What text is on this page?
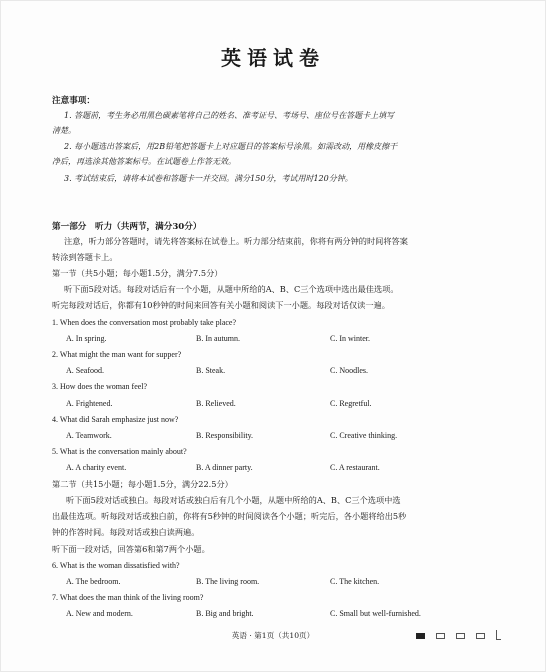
英语试卷
注意事项：
1. 答题前，考生务必用黑色碳素笔将自己的姓名、准考证号、考场号、座位号在答题卡上填写
清楚。
2. 每小题选出答案后，用2B铅笔把答题卡上对应题目的答案标号涂黑。如需改动，用橡皮擦干
净后，再选涂其他答案标号。在试题卷上作答无效。
3. 考试结束后，请将本试卷和答题卡一并交回。满分150分，考试用时120分钟。
第一部分　听力（共两节，满分30分）
注意，听力部分答题时，请先将答案标在试卷上。听力部分结束前，你将有两分钟的时间将答案
转涂到答题卡上。
第一节（共5小题；每小题1.5分，满分7.5分）
听下面5段对话。每段对话后有一个小题，从题中所给的A、B、C三个选项中选出最佳选项。
听完每段对话后，你都有10秒钟的时间来回答有关小题和阅读下一小题。每段对话仅读一遍。
1. When does the conversation most probably take place?
A. In spring.	B. In autumn.	C. In winter.
2. What might the man want for supper?
A. Seafood.	B. Steak.	C. Noodles.
3. How does the woman feel?
A. Frightened.	B. Relieved.	C. Regretful.
4. What did Sarah emphasize just now?
A. Teamwork.	B. Responsibility.	C. Creative thinking.
5. What is the conversation mainly about?
A. A charity event.	B. A dinner party.	C. A restaurant.
第二节（共15小题；每小题1.5分，满分22.5分）
听下面5段对话或独白。每段对话或独白后有几个小题，从题中所给的A、B、C三个选项中选
出最佳选项。听每段对话或独白前，你将有5秒钟的时间阅读各个小题；听完后，各小题将给出5秒
钟的作答时间。每段对话或独白读两遍。
听下面一段对话，回答第6和第7两个小题。
6. What is the woman dissatisfied with?
A. The bedroom.	B. The living room.	C. The kitchen.
7. What does the man think of the living room?
A. New and modern.	B. Big and bright.	C. Small but well-furnished.
英语 · 第1页（共10页）
